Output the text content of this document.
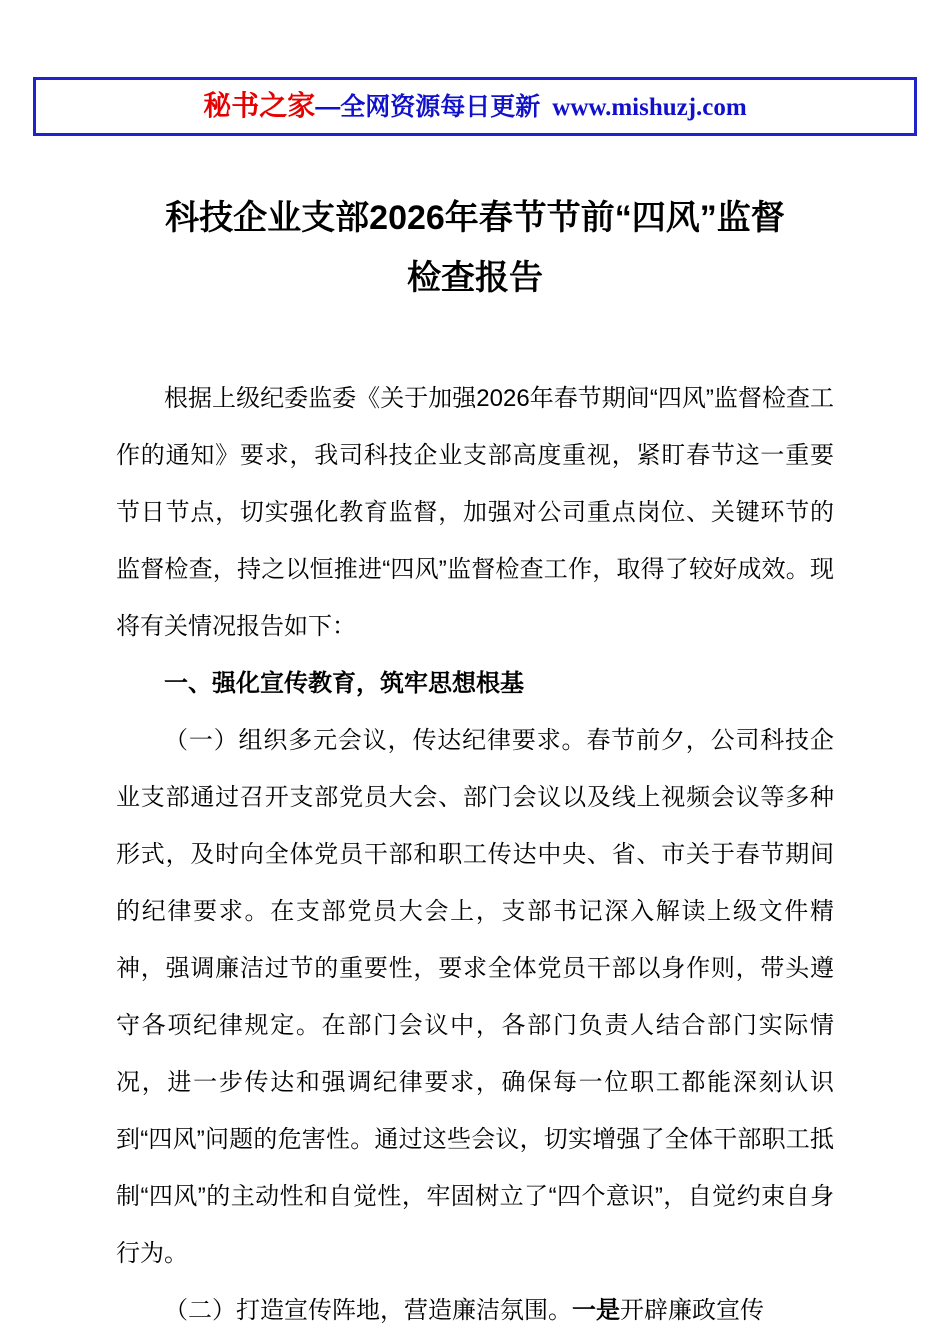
秘书之家—全网资源每日更新 www.mishuzj.com
科技企业支部2026年春节节前“四风”监督
检查报告

根据上级纪委监委《关于加强2026年春节期间“四风”监督检查工作的通知》要求，我司科技企业支部高度重视，紧盯春节这一重要节日节点，切实强化教育监督，加强对公司重点岗位、关键环节的监督检查，持之以恒推进“四风”监督检查工作，取得了较好成效。现将有关情况报告如下：

一、强化宣传教育，筑牢思想根基

（一）组织多元会议，传达纪律要求。春节前夕，公司科技企业支部通过召开支部党员大会、部门会议以及线上视频会议等多种形式，及时向全体党员干部和职工传达中央、省、市关于春节期间的纪律要求。在支部党员大会上，支部书记深入解读上级文件精神，强调廉洁过节的重要性，要求全体党员干部以身作则，带头遵守各项纪律规定。在部门会议中，各部门负责人结合部门实际情况，进一步传达和强调纪律要求，确保每一位职工都能深刻认识到“四风”问题的危害性。通过这些会议，切实增强了全体干部职工抵制“四风”的主动性和自觉性，牢固树立了“四个意识”，自觉约束自身行为。

（二）打造宣传阵地，营造廉洁氛围。一是开辟廉政宣传
